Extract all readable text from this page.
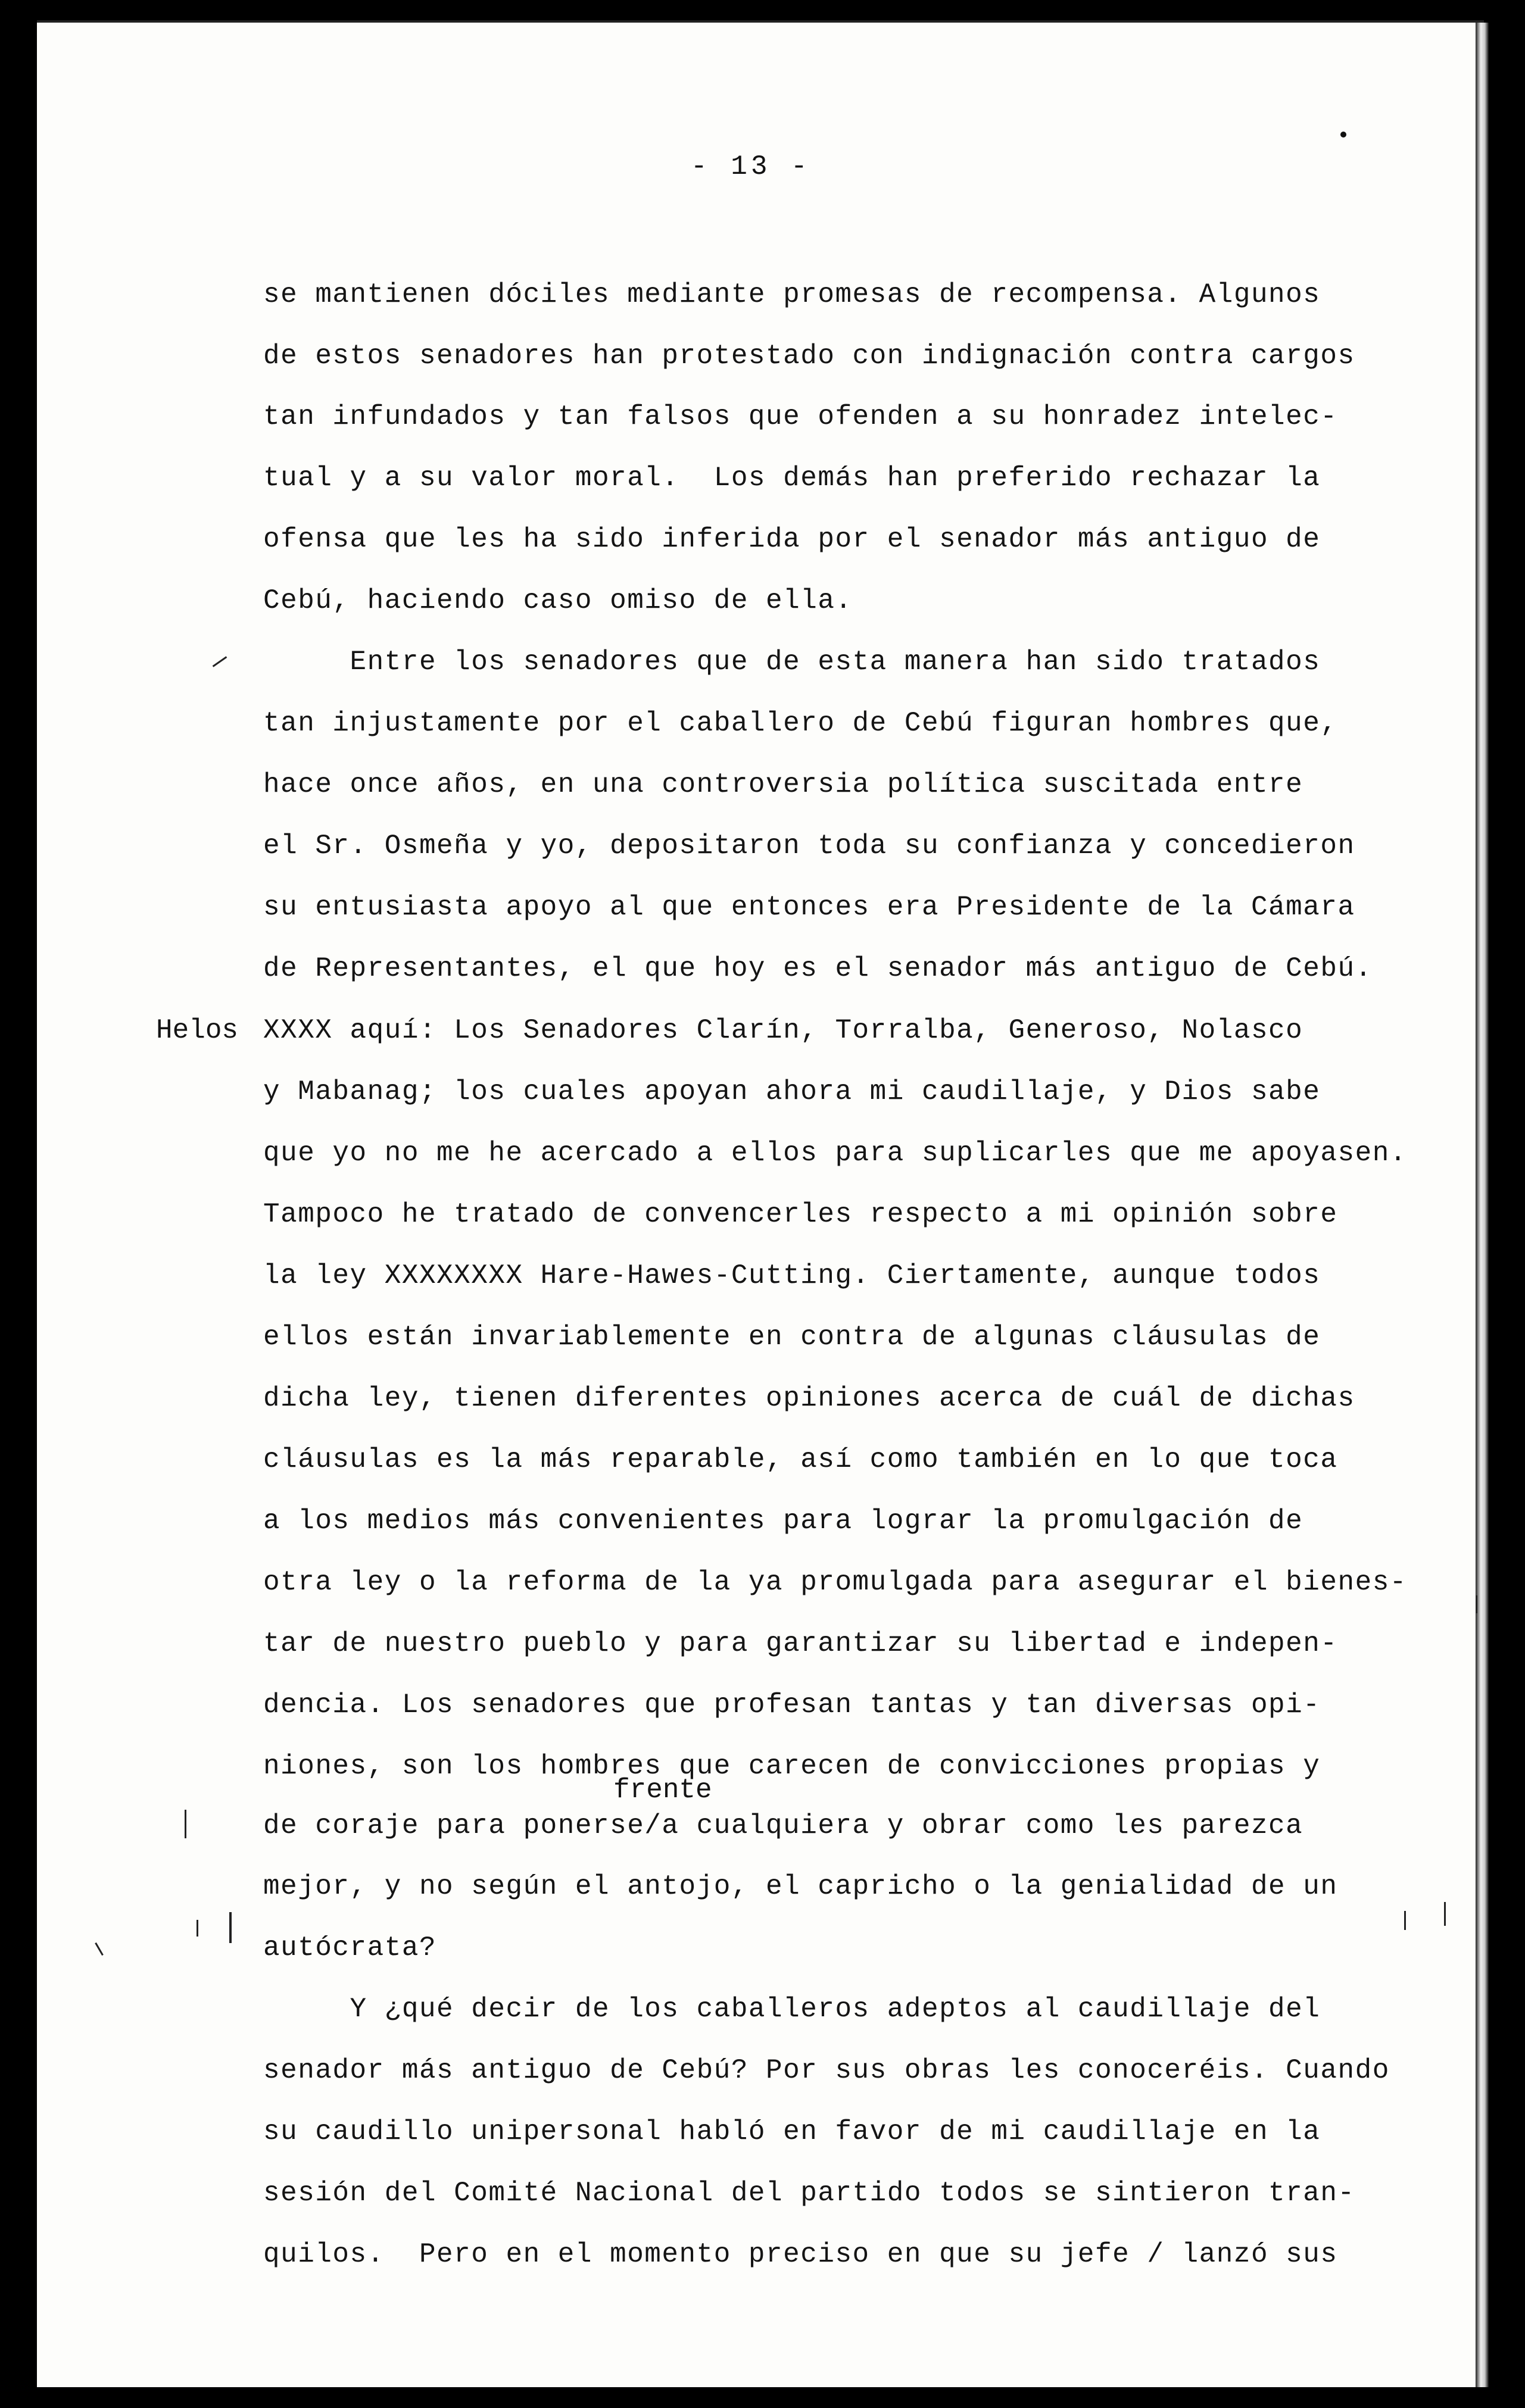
- 13 -
Helos
frente
se mantienen dóciles mediante promesas de recompensa. Algunos
de estos senadores han protestado con indignación contra cargos
tan infundados y tan falsos que ofenden a su honradez intelec-
tual y a su valor moral.  Los demás han preferido rechazar la
ofensa que les ha sido inferida por el senador más antiguo de
Cebú, haciendo caso omiso de ella.
Entre los senadores que de esta manera han sido tratados
tan injustamente por el caballero de Cebú figuran hombres que,
hace once años, en una controversia política suscitada entre
el Sr. Osmeña y yo, depositaron toda su confianza y concedieron
su entusiasta apoyo al que entonces era Presidente de la Cámara
de Representantes, el que hoy es el senador más antiguo de Cebú.
XXXX aquí: Los Senadores Clarín, Torralba, Generoso, Nolasco
y Mabanag; los cuales apoyan ahora mi caudillaje, y Dios sabe
que yo no me he acercado a ellos para suplicarles que me apoyasen.
Tampoco he tratado de convencerles respecto a mi opinión sobre
la ley XXXXXXXX Hare-Hawes-Cutting. Ciertamente, aunque todos
ellos están invariablemente en contra de algunas cláusulas de
dicha ley, tienen diferentes opiniones acerca de cuál de dichas
cláusulas es la más reparable, así como también en lo que toca
a los medios más convenientes para lograr la promulgación de
otra ley o la reforma de la ya promulgada para asegurar el bienes-
tar de nuestro pueblo y para garantizar su libertad e indepen-
dencia. Los senadores que profesan tantas y tan diversas opi-
niones, son los hombres que carecen de convicciones propias y
de coraje para ponerse/a cualquiera y obrar como les parezca
mejor, y no según el antojo, el capricho o la genialidad de un
autócrata?
Y ¿qué decir de los caballeros adeptos al caudillaje del
senador más antiguo de Cebú? Por sus obras les conoceréis. Cuando
su caudillo unipersonal habló en favor de mi caudillaje en la
sesión del Comité Nacional del partido todos se sintieron tran-
quilos.  Pero en el momento preciso en que su jefe / lanzó sus
